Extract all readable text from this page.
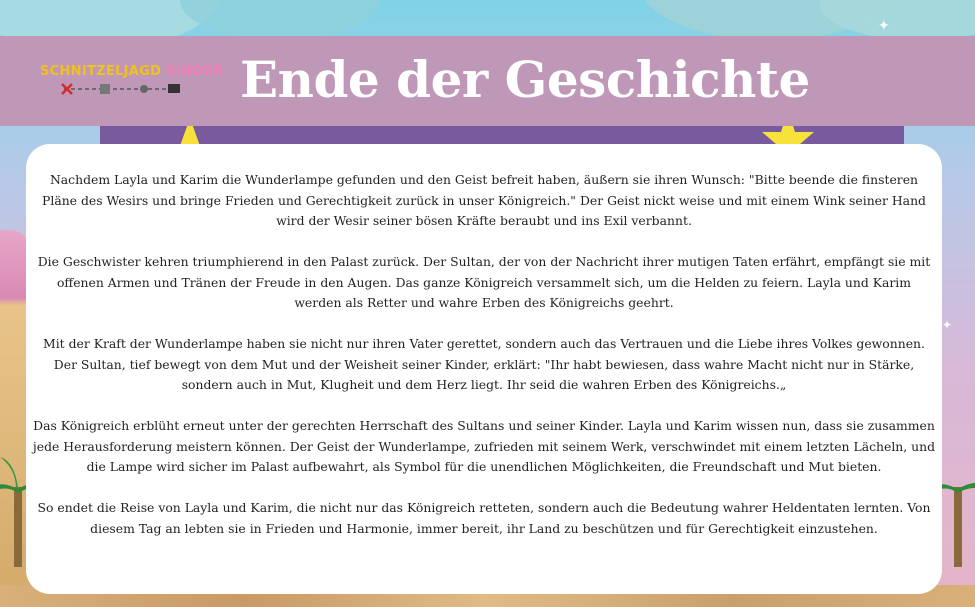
✦
✦
SCHNITZELJAGD KINDER Ende der Geschichte

Nachdem Layla und Karim die Wunderlampe gefunden und den Geist befreit haben, äußern sie ihren Wunsch: "Bitte beende die finsteren Pläne des Wesirs und bringe Frieden und Gerechtigkeit zurück in unser Königreich." Der Geist nickt weise und mit einem Wink seiner Hand wird der Wesir seiner bösen Kräfte beraubt und ins Exil verbannt.

Die Geschwister kehren triumphierend in den Palast zurück. Der Sultan, der von der Nachricht ihrer mutigen Taten erfährt, empfängt sie mit offenen Armen und Tränen der Freude in den Augen. Das ganze Königreich versammelt sich, um die Helden zu feiern. Layla und Karim werden als Retter und wahre Erben des Königreichs geehrt.

Mit der Kraft der Wunderlampe haben sie nicht nur ihren Vater gerettet, sondern auch das Vertrauen und die Liebe ihres Volkes gewonnen. Der Sultan, tief bewegt von dem Mut und der Weisheit seiner Kinder, erklärt: "Ihr habt bewiesen, dass wahre Macht nicht nur in Stärke, sondern auch in Mut, Klugheit und dem Herz liegt. Ihr seid die wahren Erben des Königreichs.„

Das Königreich erblüht erneut unter der gerechten Herrschaft des Sultans und seiner Kinder. Layla und Karim wissen nun, dass sie zusammen jede Herausforderung meistern können. Der Geist der Wunderlampe, zufrieden mit seinem Werk, verschwindet mit einem letzten Lächeln, und die Lampe wird sicher im Palast aufbewahrt, als Symbol für die unendlichen Möglichkeiten, die Freundschaft und Mut bieten.

So endet die Reise von Layla und Karim, die nicht nur das Königreich retteten, sondern auch die Bedeutung wahrer Heldentaten lernten. Von diesem Tag an lebten sie in Frieden und Harmonie, immer bereit, ihr Land zu beschützen und für Gerechtigkeit einzustehen.
